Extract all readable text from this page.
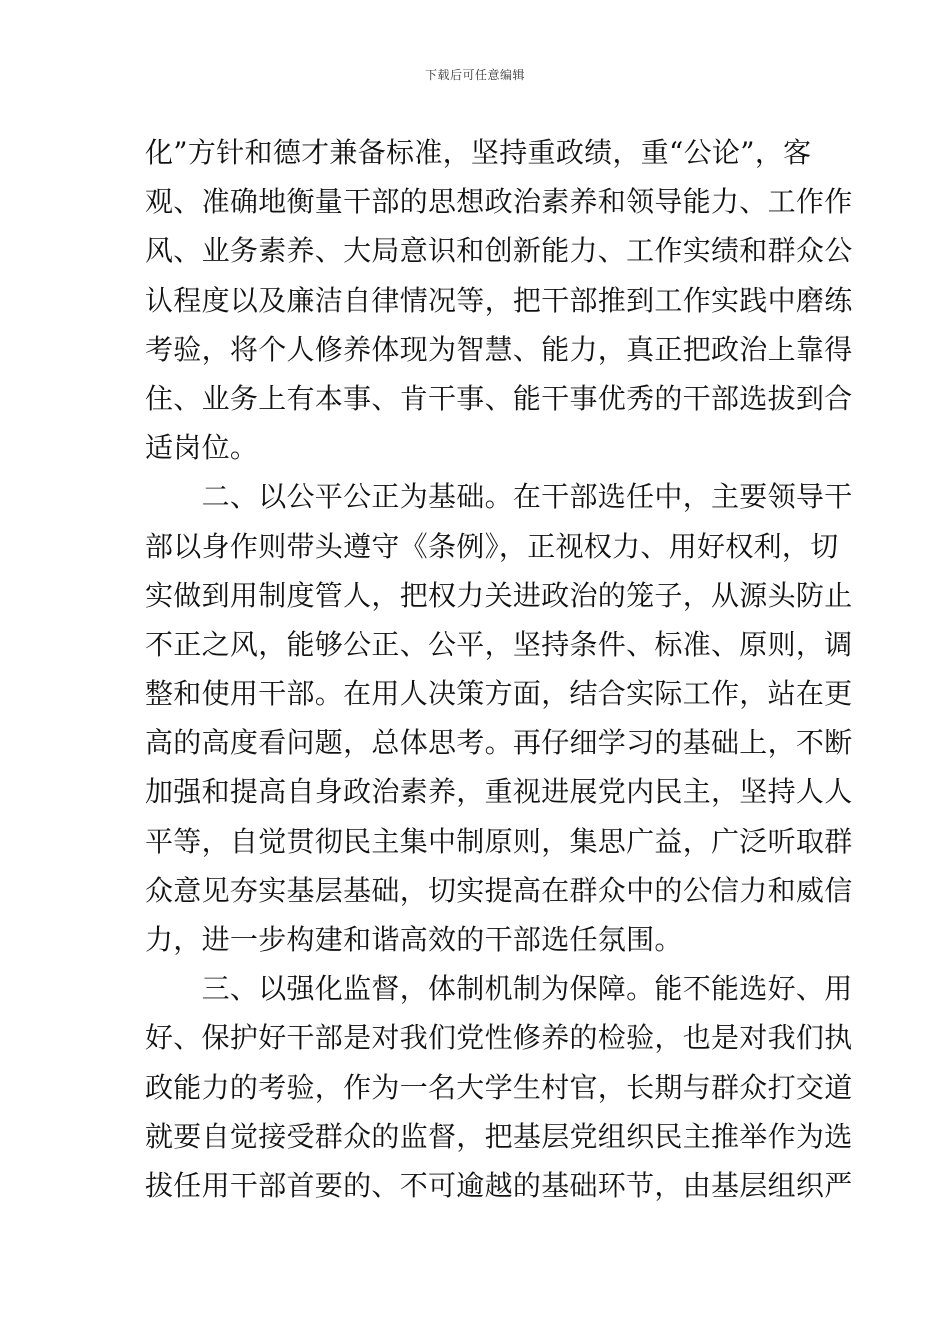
下载后可任意编辑
化”方针和德才兼备标准，坚持重政绩，重“公论”，客
观、准确地衡量干部的思想政治素养和领导能力、工作作
风、业务素养、大局意识和创新能力、工作实绩和群众公
认程度以及廉洁自律情况等，把干部推到工作实践中磨练
考验，将个人修养体现为智慧、能力，真正把政治上靠得
住、业务上有本事、肯干事、能干事优秀的干部选拔到合
适岗位。
　　二、以公平公正为基础。在干部选任中，主要领导干
部以身作则带头遵守《条例》，正视权力、用好权利，切
实做到用制度管人，把权力关进政治的笼子，从源头防止
不正之风，能够公正、公平，坚持条件、标准、原则，调
整和使用干部。在用人决策方面，结合实际工作，站在更
高的高度看问题，总体思考。再仔细学习的基础上，不断
加强和提高自身政治素养，重视进展党内民主，坚持人人
平等，自觉贯彻民主集中制原则，集思广益，广泛听取群
众意见夯实基层基础，切实提高在群众中的公信力和威信
力，进一步构建和谐高效的干部选任氛围。
　　三、以强化监督，体制机制为保障。能不能选好、用
好、保护好干部是对我们党性修养的检验，也是对我们执
政能力的考验，作为一名大学生村官，长期与群众打交道
就要自觉接受群众的监督，把基层党组织民主推举作为选
拔任用干部首要的、不可逾越的基础环节，由基层组织严
